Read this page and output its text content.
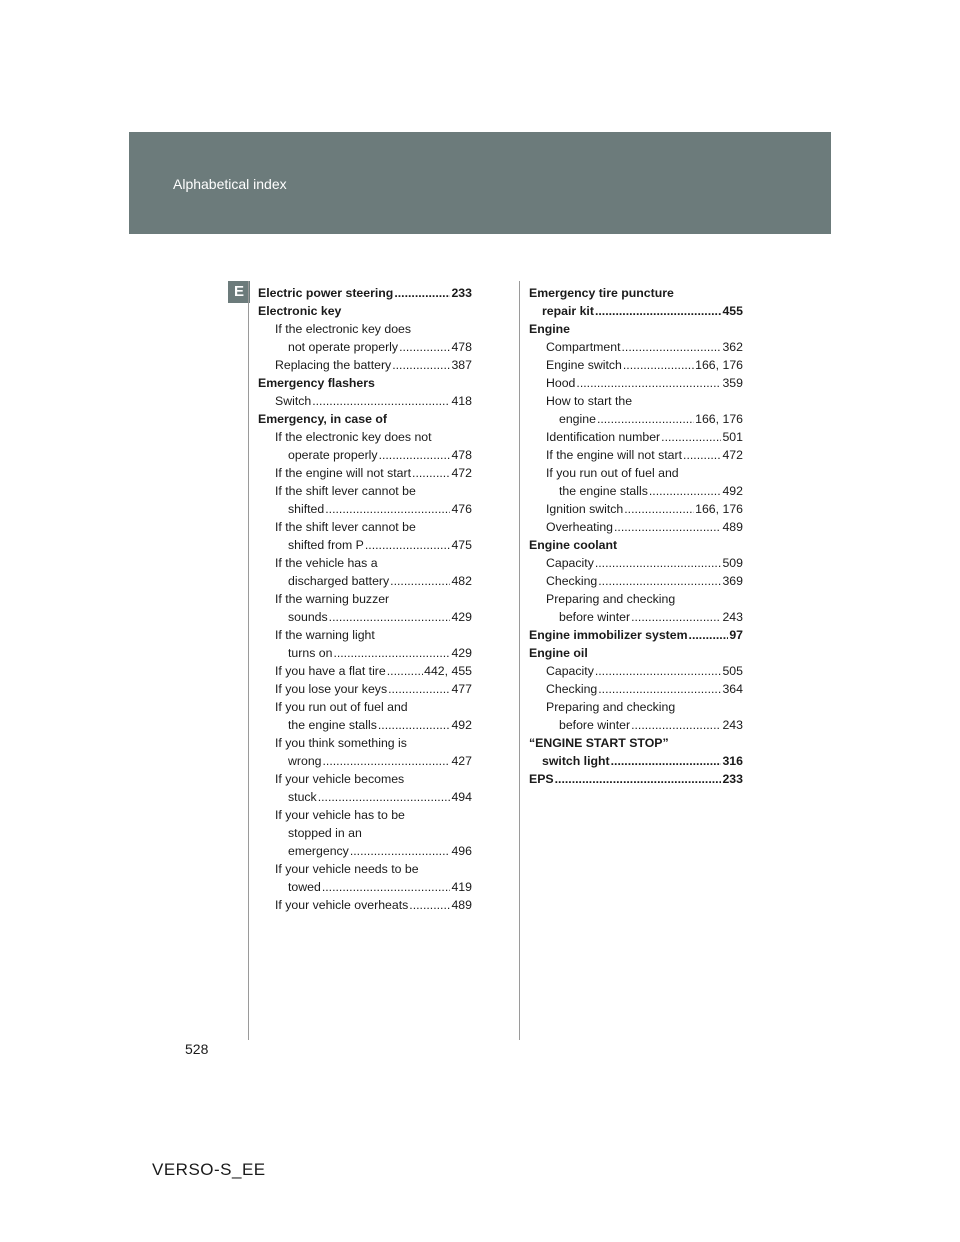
Alphabetical index
E	Electric power steering .....	233
Electronic key
If the electronic key does
not operate properly .....	478
Replacing the battery .....	387
Emergency flashers
Switch .....	418
Emergency, in case of
If the electronic key does not
operate properly .....	478
If the engine will not start .....	472
If the shift lever cannot be
shifted .....	476
If the shift lever cannot be
shifted from P .....	475
If the vehicle has a
discharged battery .....	482
If the warning buzzer
sounds .....	429
If the warning light
turns on .....	429
If you have a flat tire .....	442, 455
If you lose your keys .....	477
If you run out of fuel and
the engine stalls .....	492
If you think something is
wrong .....	427
If your vehicle becomes
stuck .....	494
If your vehicle has to be
stopped in an
emergency .....	496
If your vehicle needs to be
towed .....	419
If your vehicle overheats .....	489
Emergency tire puncture
repair kit .....	455
Engine
Compartment .....	362
Engine switch .....	166, 176
Hood .....	359
How to start the
engine .....	166, 176
Identification number .....	501
If the engine will not start .....	472
If you run out of fuel and
the engine stalls .....	492
Ignition switch .....	166, 176
Overheating .....	489
Engine coolant
Capacity .....	509
Checking .....	369
Preparing and checking
before winter .....	243
Engine immobilizer system .....	97
Engine oil
Capacity .....	505
Checking .....	364
Preparing and checking
before winter .....	243
“ENGINE START STOP”
switch light .....	316
EPS .....	233
528
VERSO-S_EE
